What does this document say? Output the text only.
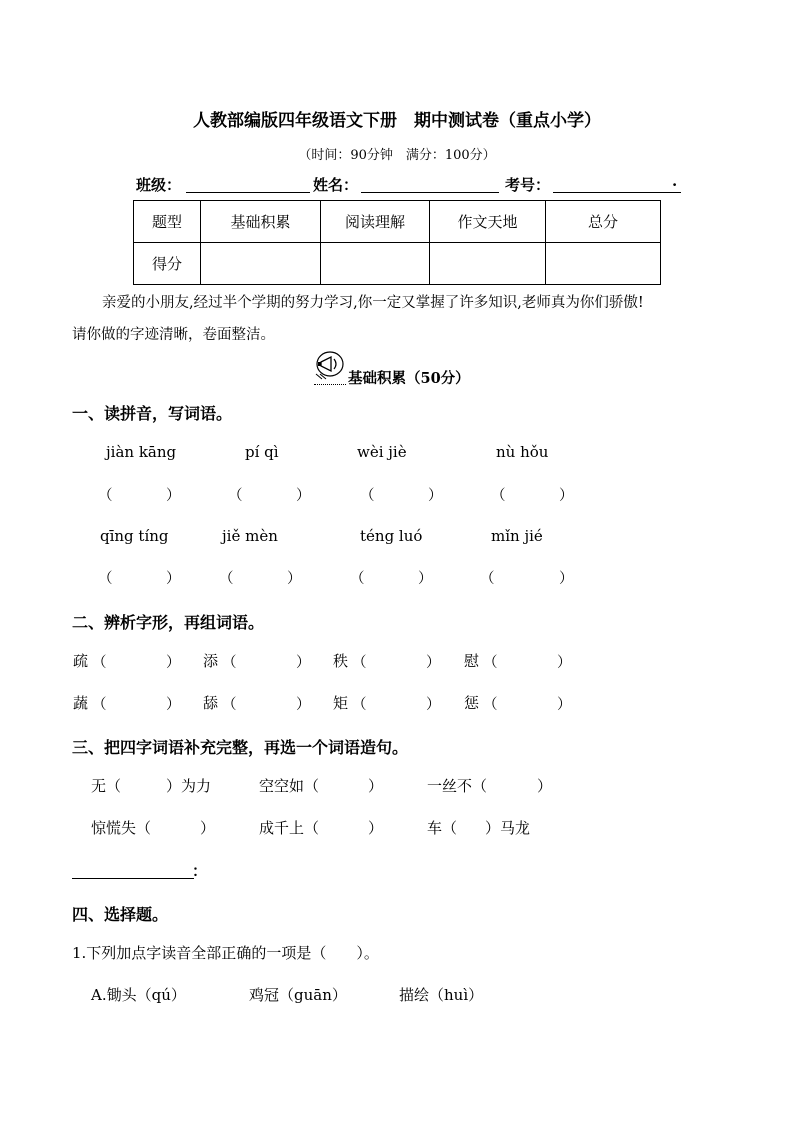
人教部编版四年级语文下册　期中测试卷（重点小学）
（时间：90分钟　满分：100分）
班级：	姓名：	考号：	.
题型	基础积累	阅读理解	作文天地	总分
得分				
亲爱的小朋友,经过半个学期的努力学习,你一定又掌握了许多知识,老师真为你们骄傲!
请你做的字迹清晰，卷面整洁。
基础积累（50分）
一、读拼音，写词语。
jiàn kāng	pí qì	wèi jiè	nù hǒu
（	）	（	）	（	）	（	）
qīng tíng	jiě mèn	téng luó	mǐn jié
（	）	（	）	（	）	（	）
二、辨析字形，再组词语。
疏 （	） 添 （	） 秩 （	） 慰 （	）
蔬 （	） 舔 （	） 矩 （	） 惩 （	）
三、把四字词语补充完整，再选一个词语造句。
无（	）为力	空空如（	）	一丝不（	）
惊慌失（	）	成千上（	）	车（ ）马龙
：
四、选择题。
1.下列加点字读音全部正确的一项是（　　）。
A.锄头（qú）	鸡冠（guān）	描绘（huì）
